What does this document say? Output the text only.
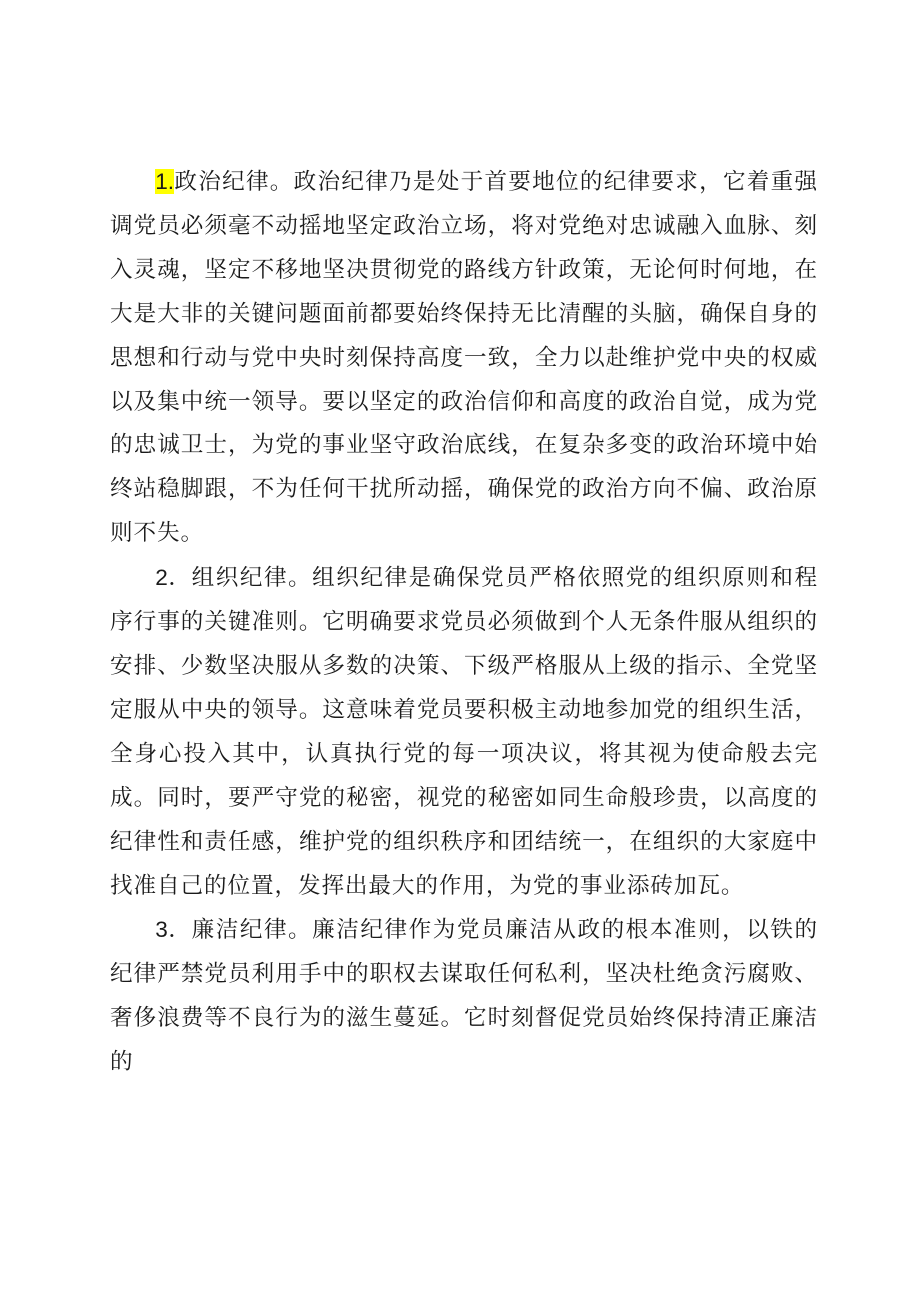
1.政治纪律。政治纪律乃是处于首要地位的纪律要求，它着重强调党员必须毫不动摇地坚定政治立场，将对党绝对忠诚融入血脉、刻入灵魂，坚定不移地坚决贯彻党的路线方针政策，无论何时何地，在大是大非的关键问题面前都要始终保持无比清醒的头脑，确保自身的思想和行动与党中央时刻保持高度一致，全力以赴维护党中央的权威以及集中统一领导。要以坚定的政治信仰和高度的政治自觉，成为党的忠诚卫士，为党的事业坚守政治底线，在复杂多变的政治环境中始终站稳脚跟，不为任何干扰所动摇，确保党的政治方向不偏、政治原则不失。

2．组织纪律。组织纪律是确保党员严格依照党的组织原则和程序行事的关键准则。它明确要求党员必须做到个人无条件服从组织的安排、少数坚决服从多数的决策、下级严格服从上级的指示、全党坚定服从中央的领导。这意味着党员要积极主动地参加党的组织生活，全身心投入其中，认真执行党的每一项决议，将其视为使命般去完成。同时，要严守党的秘密，视党的秘密如同生命般珍贵，以高度的纪律性和责任感，维护党的组织秩序和团结统一，在组织的大家庭中找准自己的位置，发挥出最大的作用，为党的事业添砖加瓦。

3．廉洁纪律。廉洁纪律作为党员廉洁从政的根本准则，以铁的纪律严禁党员利用手中的职权去谋取任何私利，坚决杜绝贪污腐败、奢侈浪费等不良行为的滋生蔓延。它时刻督促党员始终保持清正廉洁的
